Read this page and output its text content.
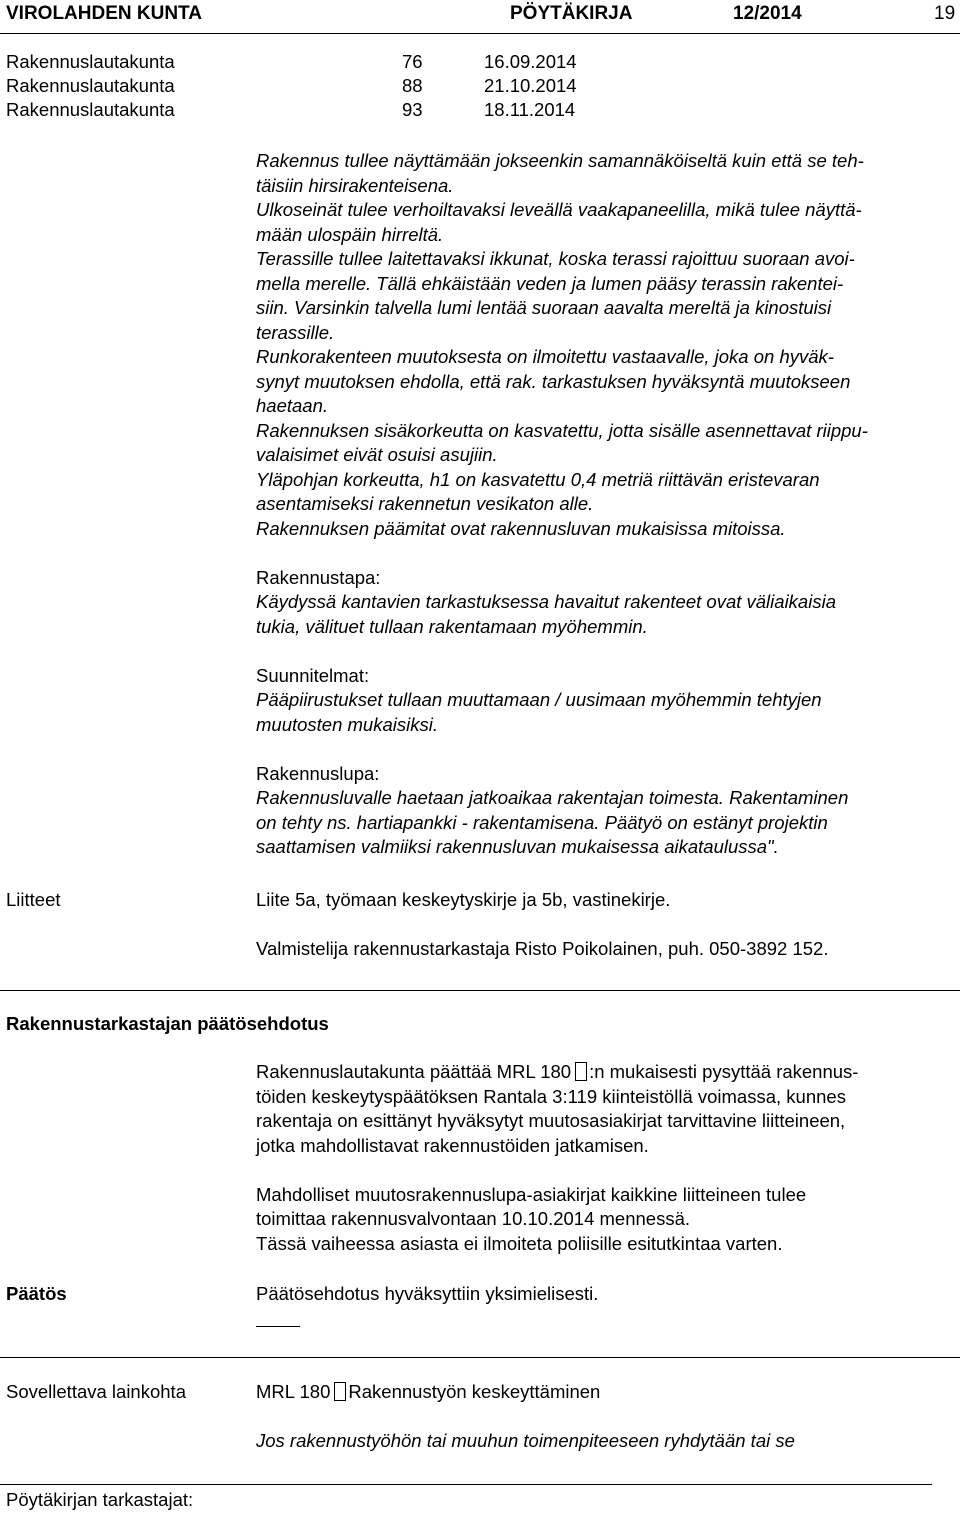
VIROLAHDEN KUNTA	PÖYTÄKIRJA	12/2014	19
Rakennuslautakunta	76	16.09.2014
Rakennuslautakunta	88	21.10.2014
Rakennuslautakunta	93	18.11.2014

Rakennus tullee näyttämään jokseenkin samannäköiseltä kuin että se teh-

täisiin hirsirakenteisena.

Ulkoseinät tulee verhoiltavaksi leveällä vaakapaneelilla, mikä tulee näyttä-

mään ulospäin hirreltä.

Terassille tullee laitettavaksi ikkunat, koska terassi rajoittuu suoraan avoi-

mella merelle. Tällä ehkäistään veden ja lumen pääsy terassin rakentei-

siin. Varsinkin talvella lumi lentää suoraan aavalta mereltä ja kinostuisi

terassille.

Runkorakenteen muutoksesta on ilmoitettu vastaavalle, joka on hyväk-

synyt muutoksen ehdolla, että rak. tarkastuksen hyväksyntä muutokseen

haetaan.

Rakennuksen sisäkorkeutta on kasvatettu, jotta sisälle asennettavat riippu-

valaisimet eivät osuisi asujiin.

Yläpohjan korkeutta, h1 on kasvatettu 0,4 metriä riittävän eristevaran

asentamiseksi rakennetun vesikaton alle.

Rakennuksen päämitat ovat rakennusluvan mukaisissa mitoissa.

Rakennustapa:

Käydyssä kantavien tarkastuksessa havaitut rakenteet ovat väliaikaisia

tukia, välituet tullaan rakentamaan myöhemmin.

Suunnitelmat:

Pääpiirustukset tullaan muuttamaan / uusimaan myöhemmin tehtyjen

muutosten mukaisiksi.

Rakennuslupa:

Rakennusluvalle haetaan jatkoaikaa rakentajan toimesta. Rakentaminen

on tehty ns. hartiapankki - rakentamisena. Päätyö on estänyt projektin

saattamisen valmiiksi rakennusluvan mukaisessa aikataulussa".

Liitteet	Liite 5a, työmaan keskeytyskirje ja 5b, vastinekirje.
Valmistelija rakennustarkastaja Risto Poikolainen, puh. 050-3892 152.
Rakennustarkastajan päätösehdotus

Rakennuslautakunta päättää MRL 180 :n mukaisesti pysyttää rakennus-

töiden keskeytyspäätöksen Rantala 3:119 kiinteistöllä voimassa, kunnes

rakentaja on esittänyt hyväksytyt muutosasiakirjat tarvittavine liitteineen,

jotka mahdollistavat rakennustöiden jatkamisen.

Mahdolliset muutosrakennuslupa-asiakirjat kaikkine liitteineen tulee

toimittaa rakennusvalvontaan 10.10.2014 mennessä.

Tässä vaiheessa asiasta ei ilmoiteta poliisille esitutkintaa varten.

Päätös	Päätösehdotus hyväksyttiin yksimielisesti.
Sovellettava lainkohta	MRL 180 Rakennustyön keskeyttäminen
Jos rakennustyöhön tai muuhun toimenpiteeseen ryhdytään tai se
Pöytäkirjan tarkastajat:
